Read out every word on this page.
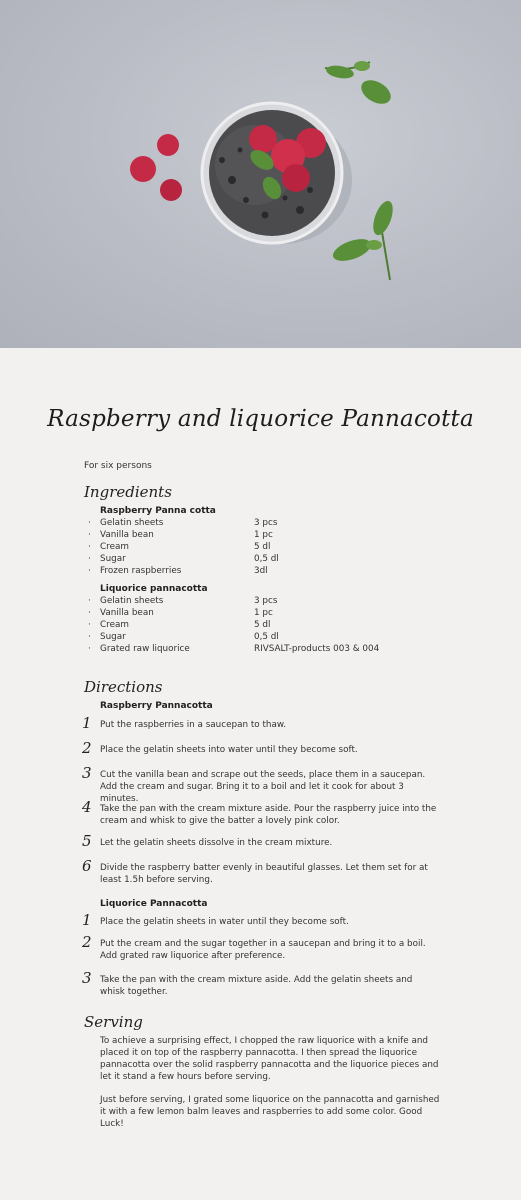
Raspberry and liquorice Pannacotta
For six persons
Ingredients
Raspberry Panna cotta
· Gelatin sheets	3 pcs
· Vanilla bean	1 pc
· Cream	5 dl
· Sugar	0,5 dl
· Frozen raspberries	3dl
Liquorice pannacotta
· Gelatin sheets	3 pcs
· Vanilla bean	1 pc
· Cream	5 dl
· Sugar	0,5 dl
· Grated raw liquorice	RIVSALT-products 003 & 004
Directions
Raspberry Pannacotta
1 Put the raspberries in a saucepan to thaw.
2 Place the gelatin sheets into water until they become soft.
3 Cut the vanilla bean and scrape out the seeds, place them in a saucepan. Add the cream and sugar. Bring it to a boil and let it cook for about 3 minutes.
4 Take the pan with the cream mixture aside. Pour the raspberry juice into the cream and whisk to give the batter a lovely pink color.
5 Let the gelatin sheets dissolve in the cream mixture.
6 Divide the raspberry batter evenly in beautiful glasses. Let them set for at least 1.5h before serving.
Liquorice Pannacotta
1 Place the gelatin sheets in water until they become soft.
2 Put the cream and the sugar together in a saucepan and bring it to a boil. Add grated raw liquorice after preference.
3 Take the pan with the cream mixture aside. Add the gelatin sheets and whisk together.
Serving
To achieve a surprising effect, I chopped the raw liquorice with a knife and placed it on top of the raspberry pannacotta. I then spread the liquorice pannacotta over the solid raspberry pannacotta and the liquorice pieces and let it stand a few hours before serving.
Just before serving, I grated some liquorice on the pannacotta and garnished it with a few lemon balm leaves and raspberries to add some color. Good Luck!
